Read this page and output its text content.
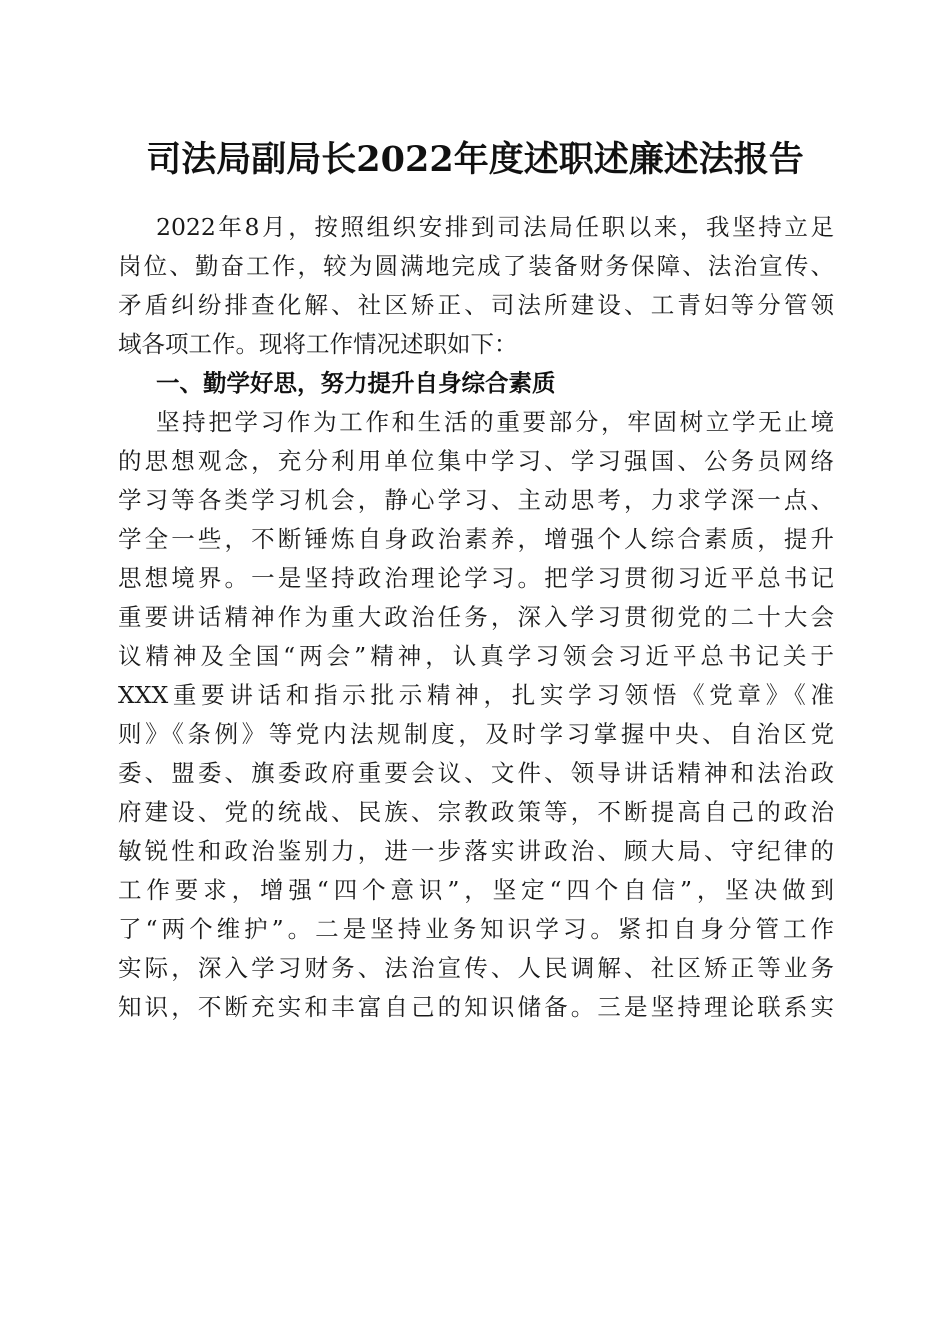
司法局副局长2022年度述职述廉述法报告
2022年8月，按照组织安排到司法局任职以来，我坚持立足
岗位、勤奋工作，较为圆满地完成了装备财务保障、法治宣传、
矛盾纠纷排查化解、社区矫正、司法所建设、工青妇等分管领
域各项工作。现将工作情况述职如下：
一、勤学好思，努力提升自身综合素质
坚持把学习作为工作和生活的重要部分，牢固树立学无止境
的思想观念，充分利用单位集中学习、学习强国、公务员网络
学习等各类学习机会，静心学习、主动思考，力求学深一点、
学全一些，不断锤炼自身政治素养，增强个人综合素质，提升
思想境界。一是坚持政治理论学习。把学习贯彻习近平总书记
重要讲话精神作为重大政治任务，深入学习贯彻党的二十大会
议精神及全国“两会”精神，认真学习领会习近平总书记关于
XXX重要讲话和指示批示精神，扎实学习领悟《党章》《准
则》《条例》等党内法规制度，及时学习掌握中央、自治区党
委、盟委、旗委政府重要会议、文件、领导讲话精神和法治政
府建设、党的统战、民族、宗教政策等，不断提高自己的政治
敏锐性和政治鉴别力，进一步落实讲政治、顾大局、守纪律的
工作要求，增强“四个意识”，坚定“四个自信”，坚决做到
了“两个维护”。二是坚持业务知识学习。紧扣自身分管工作
实际，深入学习财务、法治宣传、人民调解、社区矫正等业务
知识，不断充实和丰富自己的知识储备。三是坚持理论联系实
